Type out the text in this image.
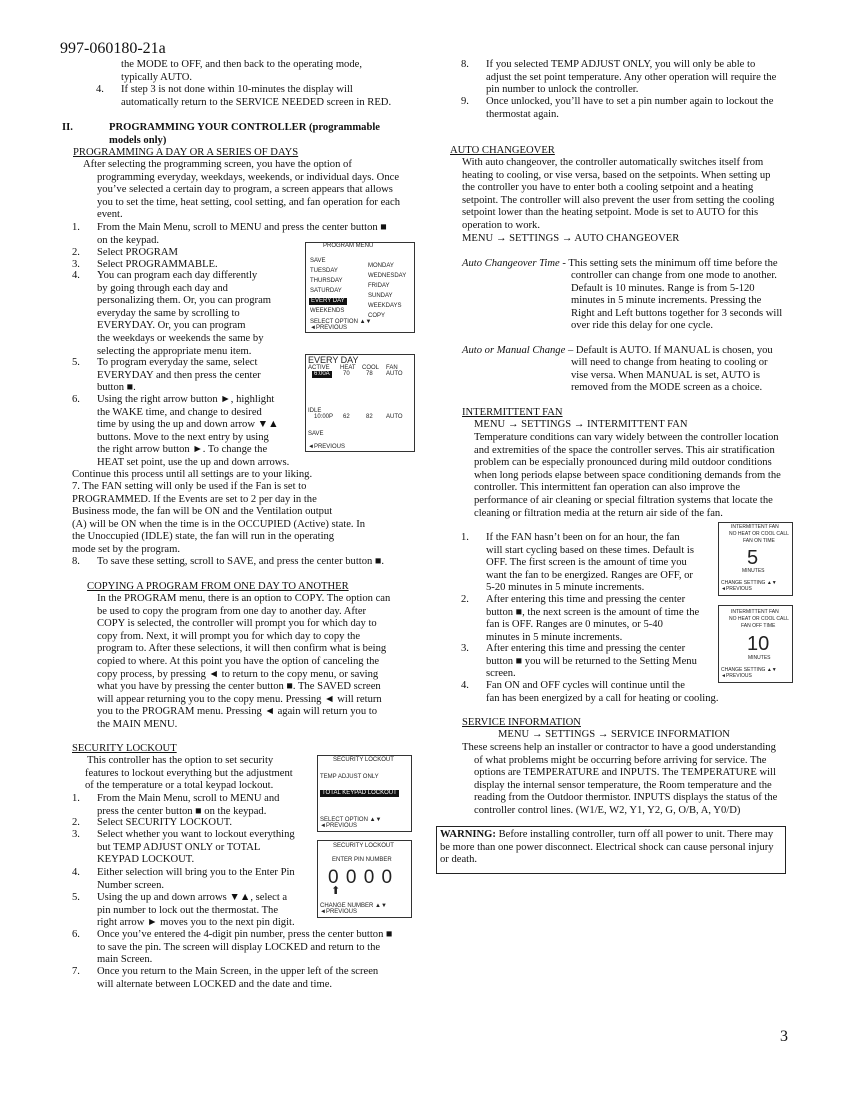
997-060180-21a
the MODE to OFF, and then back to the operating mode,
typically AUTO.
4. If step 3 is not done within 10-minutes the display will
automatically return to the SERVICE NEEDED screen in RED.
II.	PROGRAMMING YOUR CONTROLLER (programmable
models only)
PROGRAMMING A DAY OR A SERIES OF DAYS
After selecting the programming screen, you have the option of
programming everyday, weekdays, weekends, or individual days. Once
you’ve selected a certain day to program, a screen appears that allows
you to set the time, heat setting, cool setting, and fan operation for each
event.
1. From the Main Menu, scroll to MENU and press the center button ■
on the keypad.
2. Select PROGRAM
3. Select PROGRAMMABLE.
4. You can program each day differently
by going through each day and
personalizing them. Or, you can program
everyday the same by scrolling to
EVERYDAY. Or, you can program
the weekdays or weekends the same by
selecting the appropriate menu item.
5. To program everyday the same, select
EVERYDAY and then press the center
button ■.
6. Using the right arrow button ►, highlight
the WAKE time, and change to desired
time by using the up and down arrow ▼▲
buttons. Move to the next entry by using
the right arrow button ►. To change the
HEAT set point, use the up and down arrows.
Continue this process until all settings are to your liking.
7. The FAN setting will only be used if the Fan is set to
PROGRAMMED. If the Events are set to 2 per day in the
Business mode, the fan will be ON and the Ventilation output
(A) will be ON when the time is in the OCCUPIED (Active) state. In
the Unoccupied (IDLE) state, the fan will run in the operating
mode set by the program.
8. To save these setting, scroll to SAVE, and press the center button ■.
COPYING A PROGRAM FROM ONE DAY TO ANOTHER
In the PROGRAM menu, there is an option to COPY. The option can
be used to copy the program from one day to another day. After
COPY is selected, the controller will prompt you for which day to
copy from. Next, it will prompt you for which day to copy the
program to. After these selections, it will then confirm what is being
copied to where. At this point you have the option of canceling the
copy process, by pressing ◄ to return to the copy menu, or saving
what you have by pressing the center button ■. The SAVED screen
will appear returning you to the copy menu. Pressing ◄ will return
you to the PROGRAM menu. Pressing ◄ again will return you to
the MAIN MENU.
SECURITY LOCKOUT
This controller has the option to set security
features to lockout everything but the adjustment
of the temperature or a total keypad lockout.
1. From the Main Menu, scroll to MENU and
press the center button ■ on the keypad.
2. Select SECURITY LOCKOUT.
3. Select whether you want to lockout everything
but TEMP ADJUST ONLY or TOTAL
KEYPAD LOCKOUT.
4. Either selection will bring you to the Enter Pin
Number screen.
5. Using the up and down arrows ▼▲, select a
pin number to lock out the thermostat. The
right arrow ► moves you to the next pin digit.
6. Once you’ve entered the 4-digit pin number, press the center button ■
to save the pin. The screen will display LOCKED and return to the
main Screen.
7. Once you return to the Main Screen, in the upper left of the screen
will alternate between LOCKED and the date and time.
PROGRAM MENU
SAVE
TUESDAY
THURSDAY
SATURDAY
EVERY DAY
WEEKENDS
MONDAY
WEDNESDAY
FRIDAY
SUNDAY
WEEKDAYS
COPY
SELECT OPTION ▲▼
◄PREVIOUS
EVERY DAY
ACTIVE HEAT COOL FAN
6:00A	70	78 AUTO
IDLE
10:00P 62	82 AUTO
SAVE
◄PREVIOUS
SECURITY LOCKOUT
TEMP ADJUST ONLY
TOTAL KEYPAD LOCKOUT
SELECT OPTION ▲▼
◄PREVIOUS
SECURITY LOCKOUT
ENTER PIN NUMBER
0 0 0 0
⬆
CHANGE NUMBER ▲▼
◄PREVIOUS
8. If you selected TEMP ADJUST ONLY, you will only be able to
adjust the set point temperature. Any other operation will require the
pin number to unlock the controller.
9. Once unlocked, you’ll have to set a pin number again to lockout the
thermostat again.
AUTO CHANGEOVER
With auto changeover, the controller automatically switches itself from
heating to cooling, or vise versa, based on the setpoints. When setting up
the controller you have to enter both a cooling setpoint and a heating
setpoint. The controller will also prevent the user from setting the cooling
setpoint lower than the heating setpoint. Mode is set to AUTO for this
operation to work.
MENU → SETTINGS → AUTO CHANGEOVER
Auto Changeover Time - This setting sets the minimum off time before the
controller can change from one mode to another.
Default is 10 minutes. Range is from 5-120
minutes in 5 minute increments. Pressing the
Right and Left buttons together for 3 seconds will
over ride this delay for one cycle.
Auto or Manual Change – Default is AUTO. If MANUAL is chosen, you
will need to change from heating to cooling or
vise versa. When MANUAL is set, AUTO is
removed from the MODE screen as a choice.
INTERMITTENT FAN
MENU → SETTINGS → INTERMITTENT FAN
Temperature conditions can vary widely between the controller location
and extremities of the space the controller serves. This air stratification
problem can be especially pronounced during mild outdoor conditions
when long periods elapse between space conditioning demands from the
controller. This intermittent fan operation can also improve the
performance of air cleaning or special filtration systems that locate the
cleaning or filtration media at the return air side of the fan.
1. If the FAN hasn’t been on for an hour, the fan
will start cycling based on these times. Default is
OFF. The first screen is the amount of time you
want the fan to be energized. Ranges are OFF, or
5-20 minutes in 5 minute increments.
2. After entering this time and pressing the center
button ■, the next screen is the amount of time the
fan is OFF. Ranges are 0 minutes, or 5-40
minutes in 5 minute increments.
3. After entering this time and pressing the center
button ■ you will be returned to the Setting Menu
screen.
4. Fan ON and OFF cycles will continue until the
fan has been energized by a call for heating or cooling.
INTERMITTENT FAN
NO HEAT OR COOL CALL
FAN ON TIME
5
MINUTES
CHANGE SETTING ▲▼
◄PREVIOUS
INTERMITTENT FAN
NO HEAT OR COOL CALL
FAN OFF TIME
10
MINUTES
CHANGE SETTING ▲▼
◄PREVIOUS
SERVICE INFORMATION
MENU → SETTINGS → SERVICE INFORMATION
These screens help an installer or contractor to have a good understanding
of what problems might be occurring before arriving for service. The
options are TEMPERATURE and INPUTS. The TEMPERATURE will
display the internal sensor temperature, the Room temperature and the
reading from the Outdoor thermistor. INPUTS displays the status of the
controller control lines. (W1/E, W2, Y1, Y2, G, O/B, A, Y0/D)
WARNING: Before installing controller, turn off all power to unit. There may be more than one power disconnect. Electrical shock can cause personal injury or death.
3
